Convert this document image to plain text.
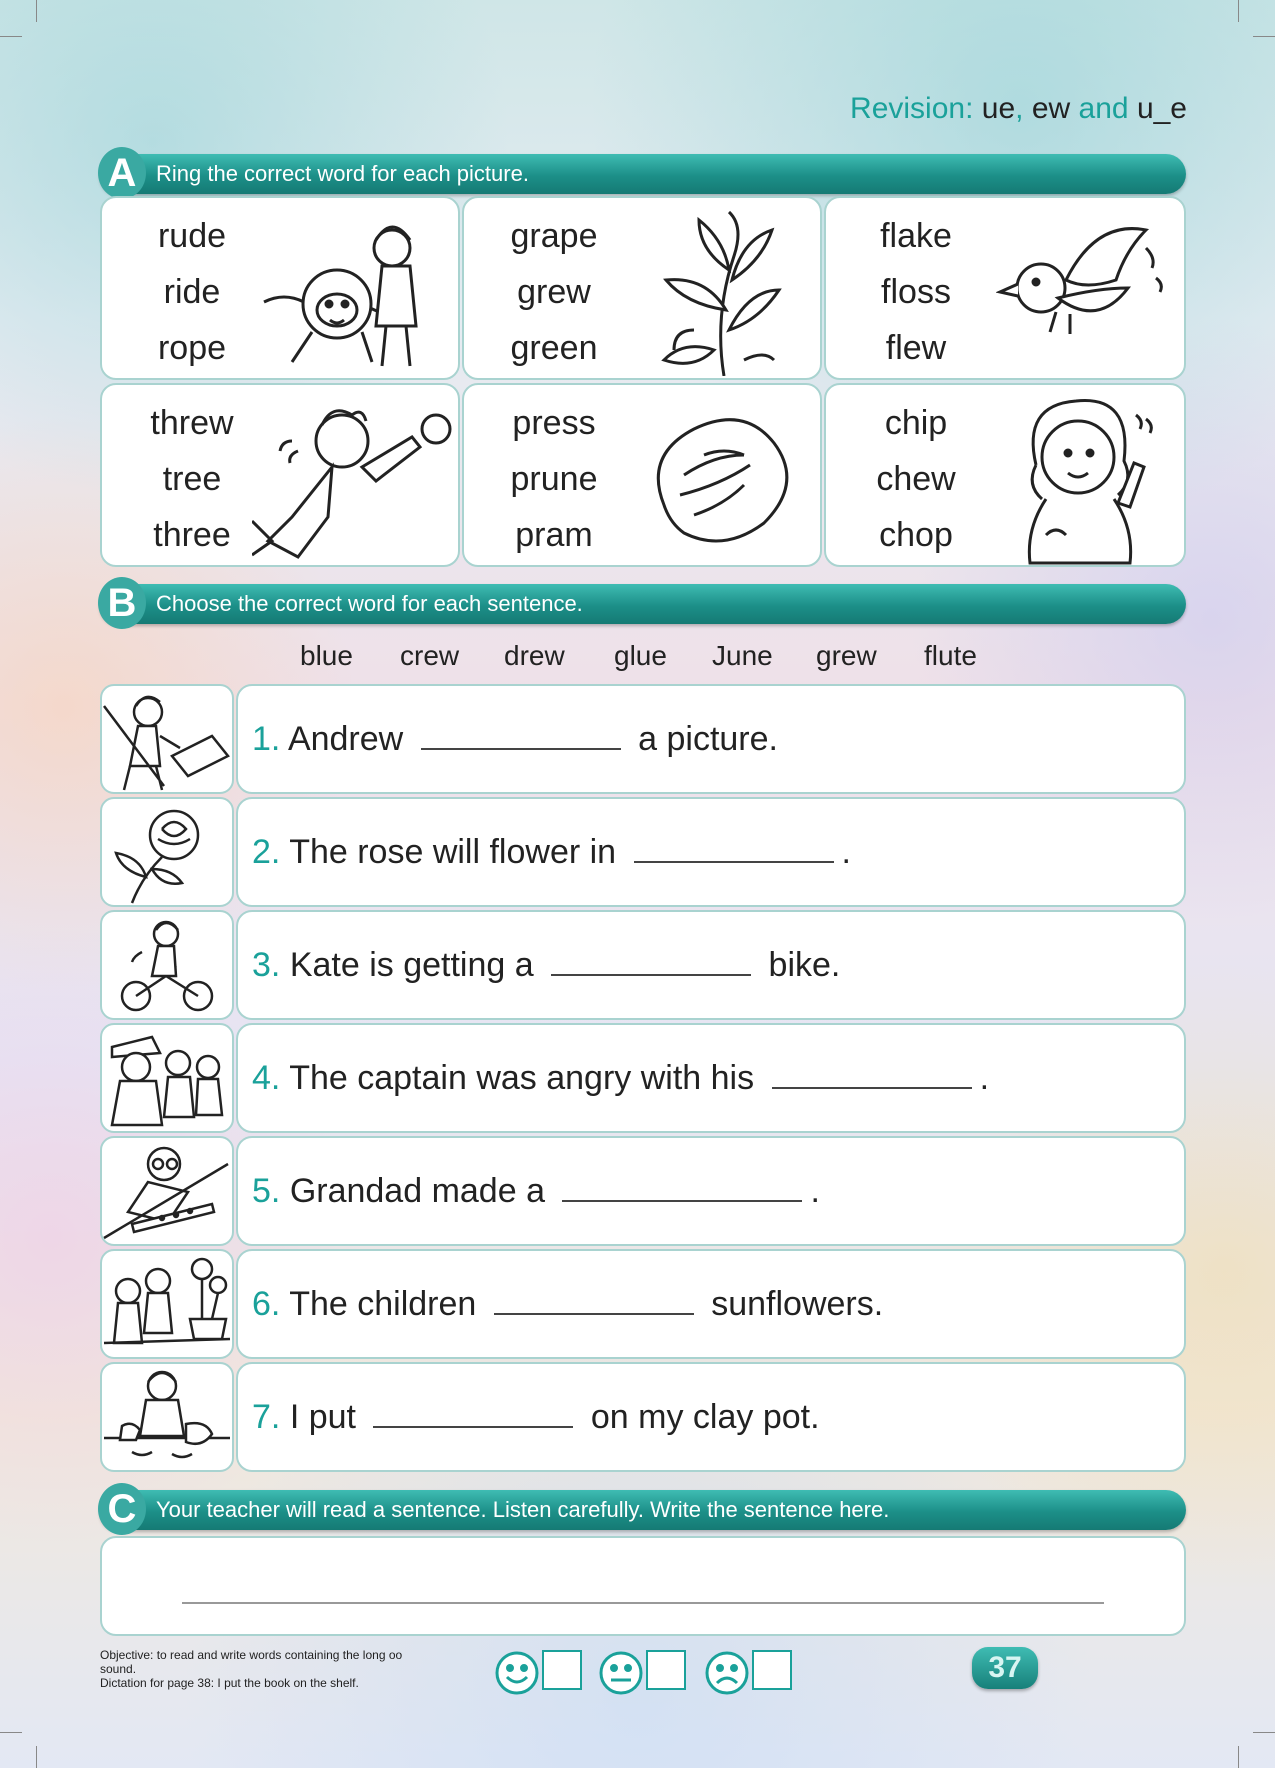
Revision: ue, ew and u_e
A Ring the correct word for each picture.
rude
ride
rope
grape
grew
green
flake
floss
flew
threw
tree
three
press
prune
pram
chip
chew
chop
B Choose the correct word for each sentence.
blue crew drew glue June grew flute
1. Andrew	a picture.
2. The rose will flower in	.
3. Kate is getting a	bike.
4. The captain was angry with his	.
5. Grandad made a	.
6. The children	sunflowers.
7. I put	on my clay pot.
C Your teacher will read a sentence. Listen carefully. Write the sentence here.
Objective: to read and write words containing the long oo sound.
Dictation for page 38: I put the book on the shelf.	37
